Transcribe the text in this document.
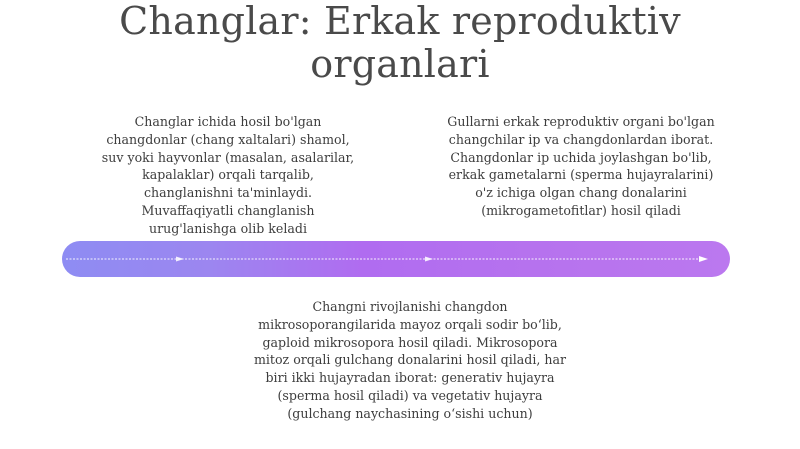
Changlar: Erkak reproduktiv
organlari
Changlar ichida hosil bo'lgan
changdonlar (chang xaltalari) shamol,
suv yoki hayvonlar (masalan, asalarilar,
kapalaklar) orqali tarqalib,
changlanishni ta'minlaydi.
Muvaffaqiyatli changlanish
urug'lanishga olib keladi
Gullarni erkak reproduktiv organi bo'lgan
changchilar ip va changdonlardan iborat.
Changdonlar ip uchida joylashgan bo'lib,
erkak gametalarni (sperma hujayralarini)
o'z ichiga olgan chang donalarini
(mikrogametofitlar) hosil qiladi
Changni rivojlanishi changdon
mikrosoporangilarida mayoz orqali sodir bo‘lib,
gaploid mikrosopora hosil qiladi. Mikrosopora
mitoz orqali gulchang donalarini hosil qiladi, har
biri ikki hujayradan iborat: generativ hujayra
(sperma hosil qiladi) va vegetativ hujayra
(gulchang naychasining o‘sishi uchun)
